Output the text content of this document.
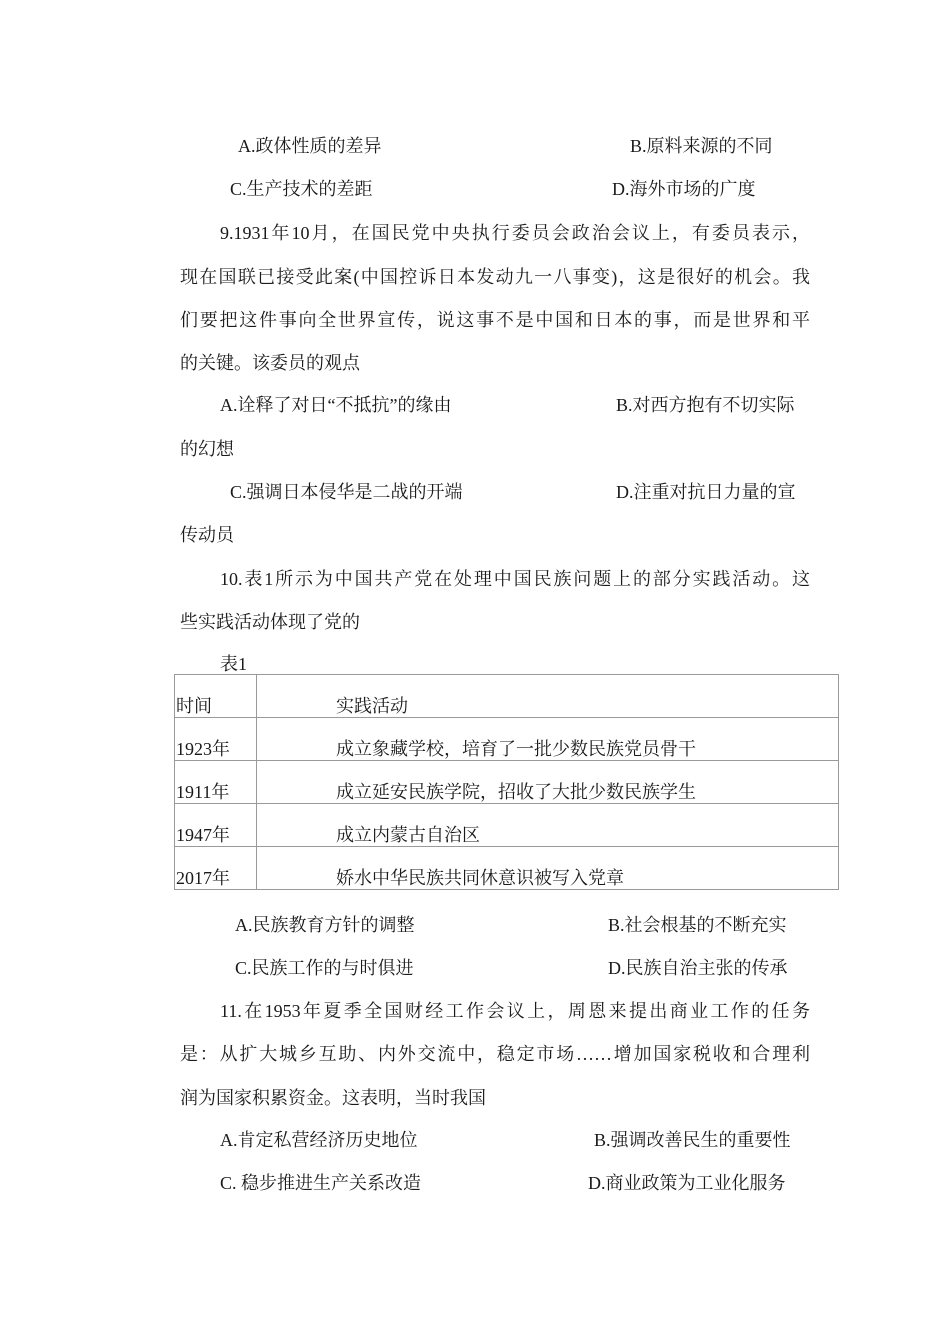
A.政体性质的差异	B.原料来源的不同
C.生产技术的差距	D.海外市场的广度
9.1931年10月，在国民党中央执行委员会政治会议上，有委员表示，
现在国联已接受此案(中国控诉日本发动九一八事变)，这是很好的机会。我
们要把这件事向全世界宣传，说这事不是中国和日本的事，而是世界和平
的关键。该委员的观点
A.诠释了对日“不抵抗”的缘由	B.对西方抱有不切实际
的幻想
C.强调日本侵华是二战的开端	D.注重对抗日力量的宣
传动员
10.表1所示为中国共产党在处理中国民族问题上的部分实践活动。这
些实践活动体现了党的
表1
时间	实践活动
1923年	成立象藏学校，培育了一批少数民族党员骨干
1911年	成立延安民族学院，招收了大批少数民族学生
1947年	成立内蒙古自治区
2017年	娇水中华民族共同休意识被写入党章
A.民族教育方针的调整	B.社会根基的不断充实
C.民族工作的与时俱进	D.民族自治主张的传承
11.在1953年夏季全国财经工作会议上，周恩来提出商业工作的任务
是：从扩大城乡互助、内外交流中，稳定市场……增加国家税收和合理利
润为国家积累资金。这表明，当时我国
A.肯定私营经济历史地位	B.强调改善民生的重要性
C. 稳步推进生产关系改造	D.商业政策为工业化服务
